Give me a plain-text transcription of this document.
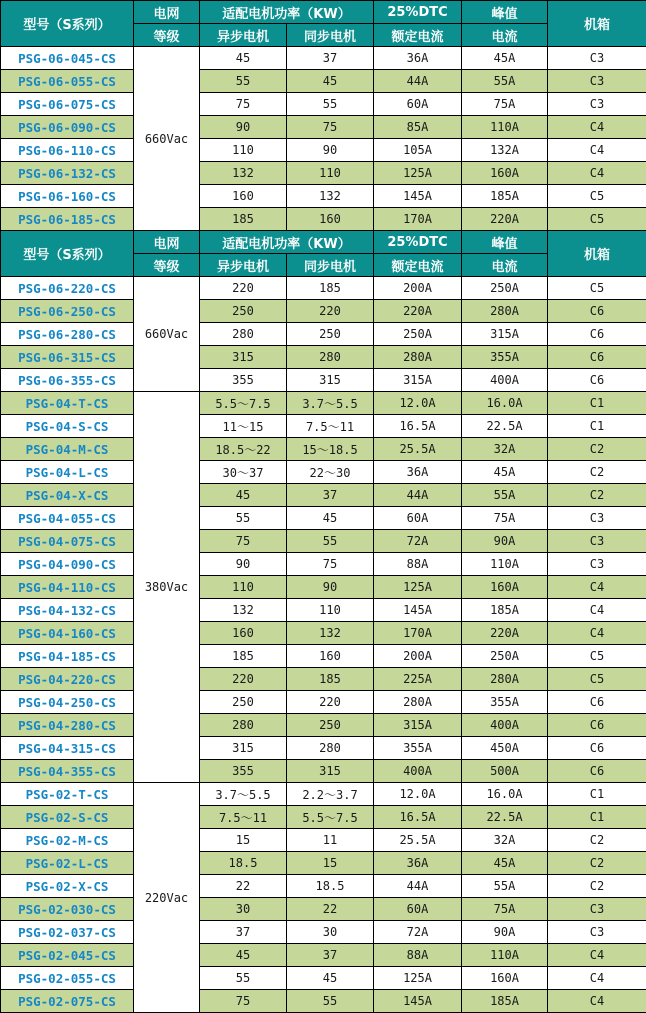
型号（S系列）	电网	适配电机功率（KW）		25%DTC	峰值	机箱
	等级	异步电机	同步电机	额定电流	电流	
PSG-06-045-CS	660Vac	45	37	36A	45A	C3
PSG-06-055-CS		55	45	44A	55A	C3
PSG-06-075-CS		75	55	60A	75A	C3
PSG-06-090-CS		90	75	85A	110A	C4
PSG-06-110-CS		110	90	105A	132A	C4
PSG-06-132-CS		132	110	125A	160A	C4
PSG-06-160-CS		160	132	145A	185A	C5
PSG-06-185-CS		185	160	170A	220A	C5
型号（S系列）	电网	适配电机功率（KW）		25%DTC	峰值	机箱
	等级	异步电机	同步电机	额定电流	电流	
PSG-06-220-CS	660Vac	220	185	200A	250A	C5
PSG-06-250-CS		250	220	220A	280A	C6
PSG-06-280-CS		280	250	250A	315A	C6
PSG-06-315-CS		315	280	280A	355A	C6
PSG-06-355-CS		355	315	315A	400A	C6
PSG-04-T-CS	380Vac	5.5～7.5	3.7～5.5	12.0A	16.0A	C1
PSG-04-S-CS		11～15	7.5～11	16.5A	22.5A	C1
PSG-04-M-CS		18.5～22	15～18.5	25.5A	32A	C2
PSG-04-L-CS		30～37	22～30	36A	45A	C2
PSG-04-X-CS		45	37	44A	55A	C2
PSG-04-055-CS		55	45	60A	75A	C3
PSG-04-075-CS		75	55	72A	90A	C3
PSG-04-090-CS		90	75	88A	110A	C3
PSG-04-110-CS		110	90	125A	160A	C4
PSG-04-132-CS		132	110	145A	185A	C4
PSG-04-160-CS		160	132	170A	220A	C4
PSG-04-185-CS		185	160	200A	250A	C5
PSG-04-220-CS		220	185	225A	280A	C5
PSG-04-250-CS		250	220	280A	355A	C6
PSG-04-280-CS		280	250	315A	400A	C6
PSG-04-315-CS		315	280	355A	450A	C6
PSG-04-355-CS		355	315	400A	500A	C6
PSG-02-T-CS	220Vac	3.7～5.5	2.2～3.7	12.0A	16.0A	C1
PSG-02-S-CS		7.5～11	5.5～7.5	16.5A	22.5A	C1
PSG-02-M-CS		15	11	25.5A	32A	C2
PSG-02-L-CS		18.5	15	36A	45A	C2
PSG-02-X-CS		22	18.5	44A	55A	C2
PSG-02-030-CS		30	22	60A	75A	C3
PSG-02-037-CS		37	30	72A	90A	C3
PSG-02-045-CS		45	37	88A	110A	C4
PSG-02-055-CS		55	45	125A	160A	C4
PSG-02-075-CS		75	55	145A	185A	C4
